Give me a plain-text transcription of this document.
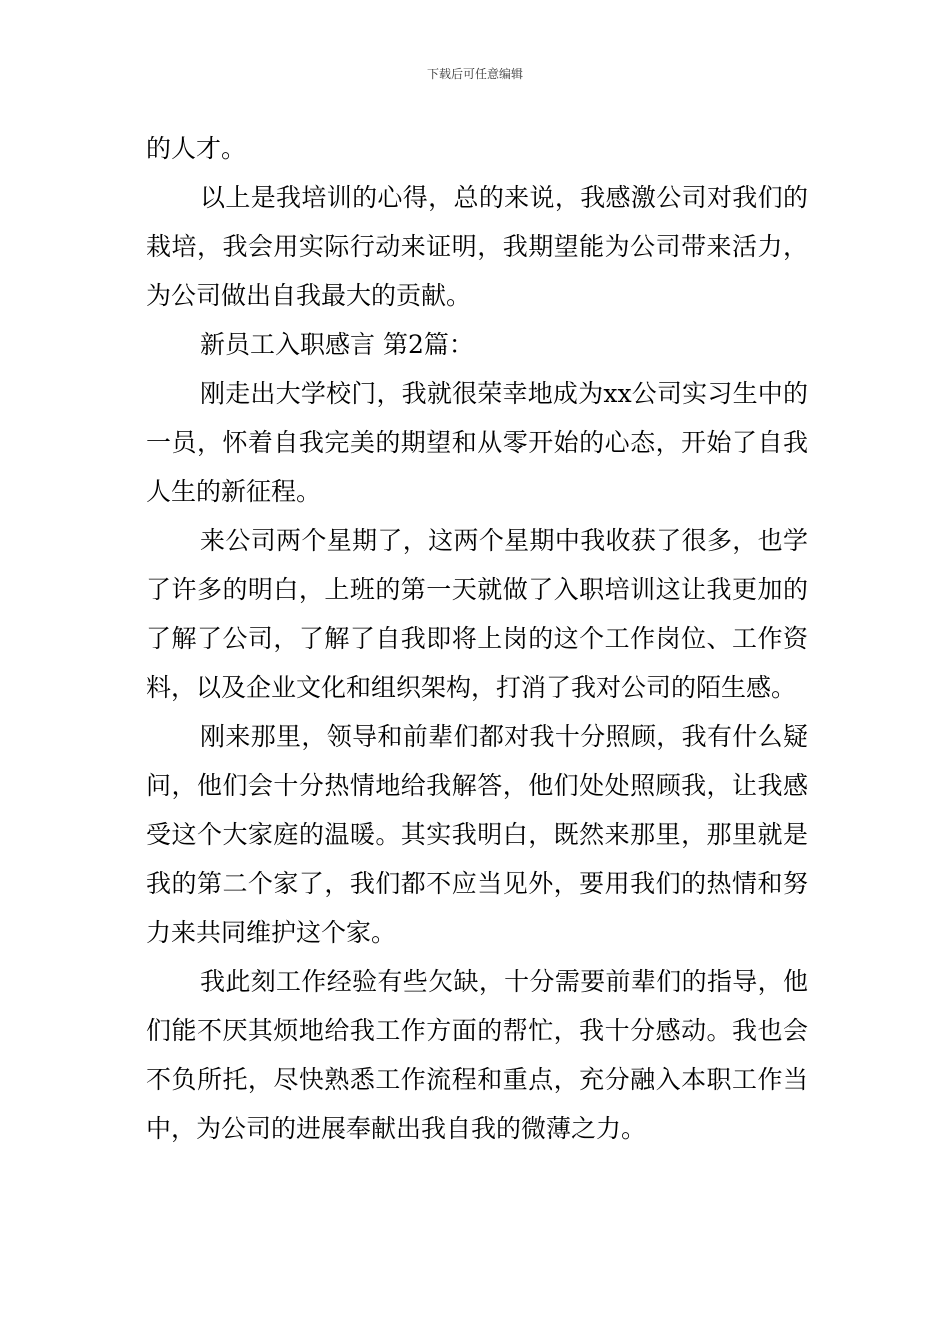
下载后可任意编辑

的人才。

以上是我培训的心得，总的来说，我感激公司对我们的栽培，我会用实际行动来证明，我期望能为公司带来活力，为公司做出自我最大的贡献。

新员工入职感言 第2篇：

刚走出大学校门，我就很荣幸地成为xx公司实习生中的一员，怀着自我完美的期望和从零开始的心态，开始了自我人生的新征程。

来公司两个星期了，这两个星期中我收获了很多，也学了许多的明白，上班的第一天就做了入职培训这让我更加的了解了公司，了解了自我即将上岗的这个工作岗位、工作资料，以及企业文化和组织架构，打消了我对公司的陌生感。

刚来那里，领导和前辈们都对我十分照顾，我有什么疑问，他们会十分热情地给我解答，他们处处照顾我，让我感受这个大家庭的温暖。其实我明白，既然来那里，那里就是我的第二个家了，我们都不应当见外，要用我们的热情和努力来共同维护这个家。

我此刻工作经验有些欠缺，十分需要前辈们的指导，他们能不厌其烦地给我工作方面的帮忙，我十分感动。我也会不负所托，尽快熟悉工作流程和重点，充分融入本职工作当中，为公司的进展奉献出我自我的微薄之力。
